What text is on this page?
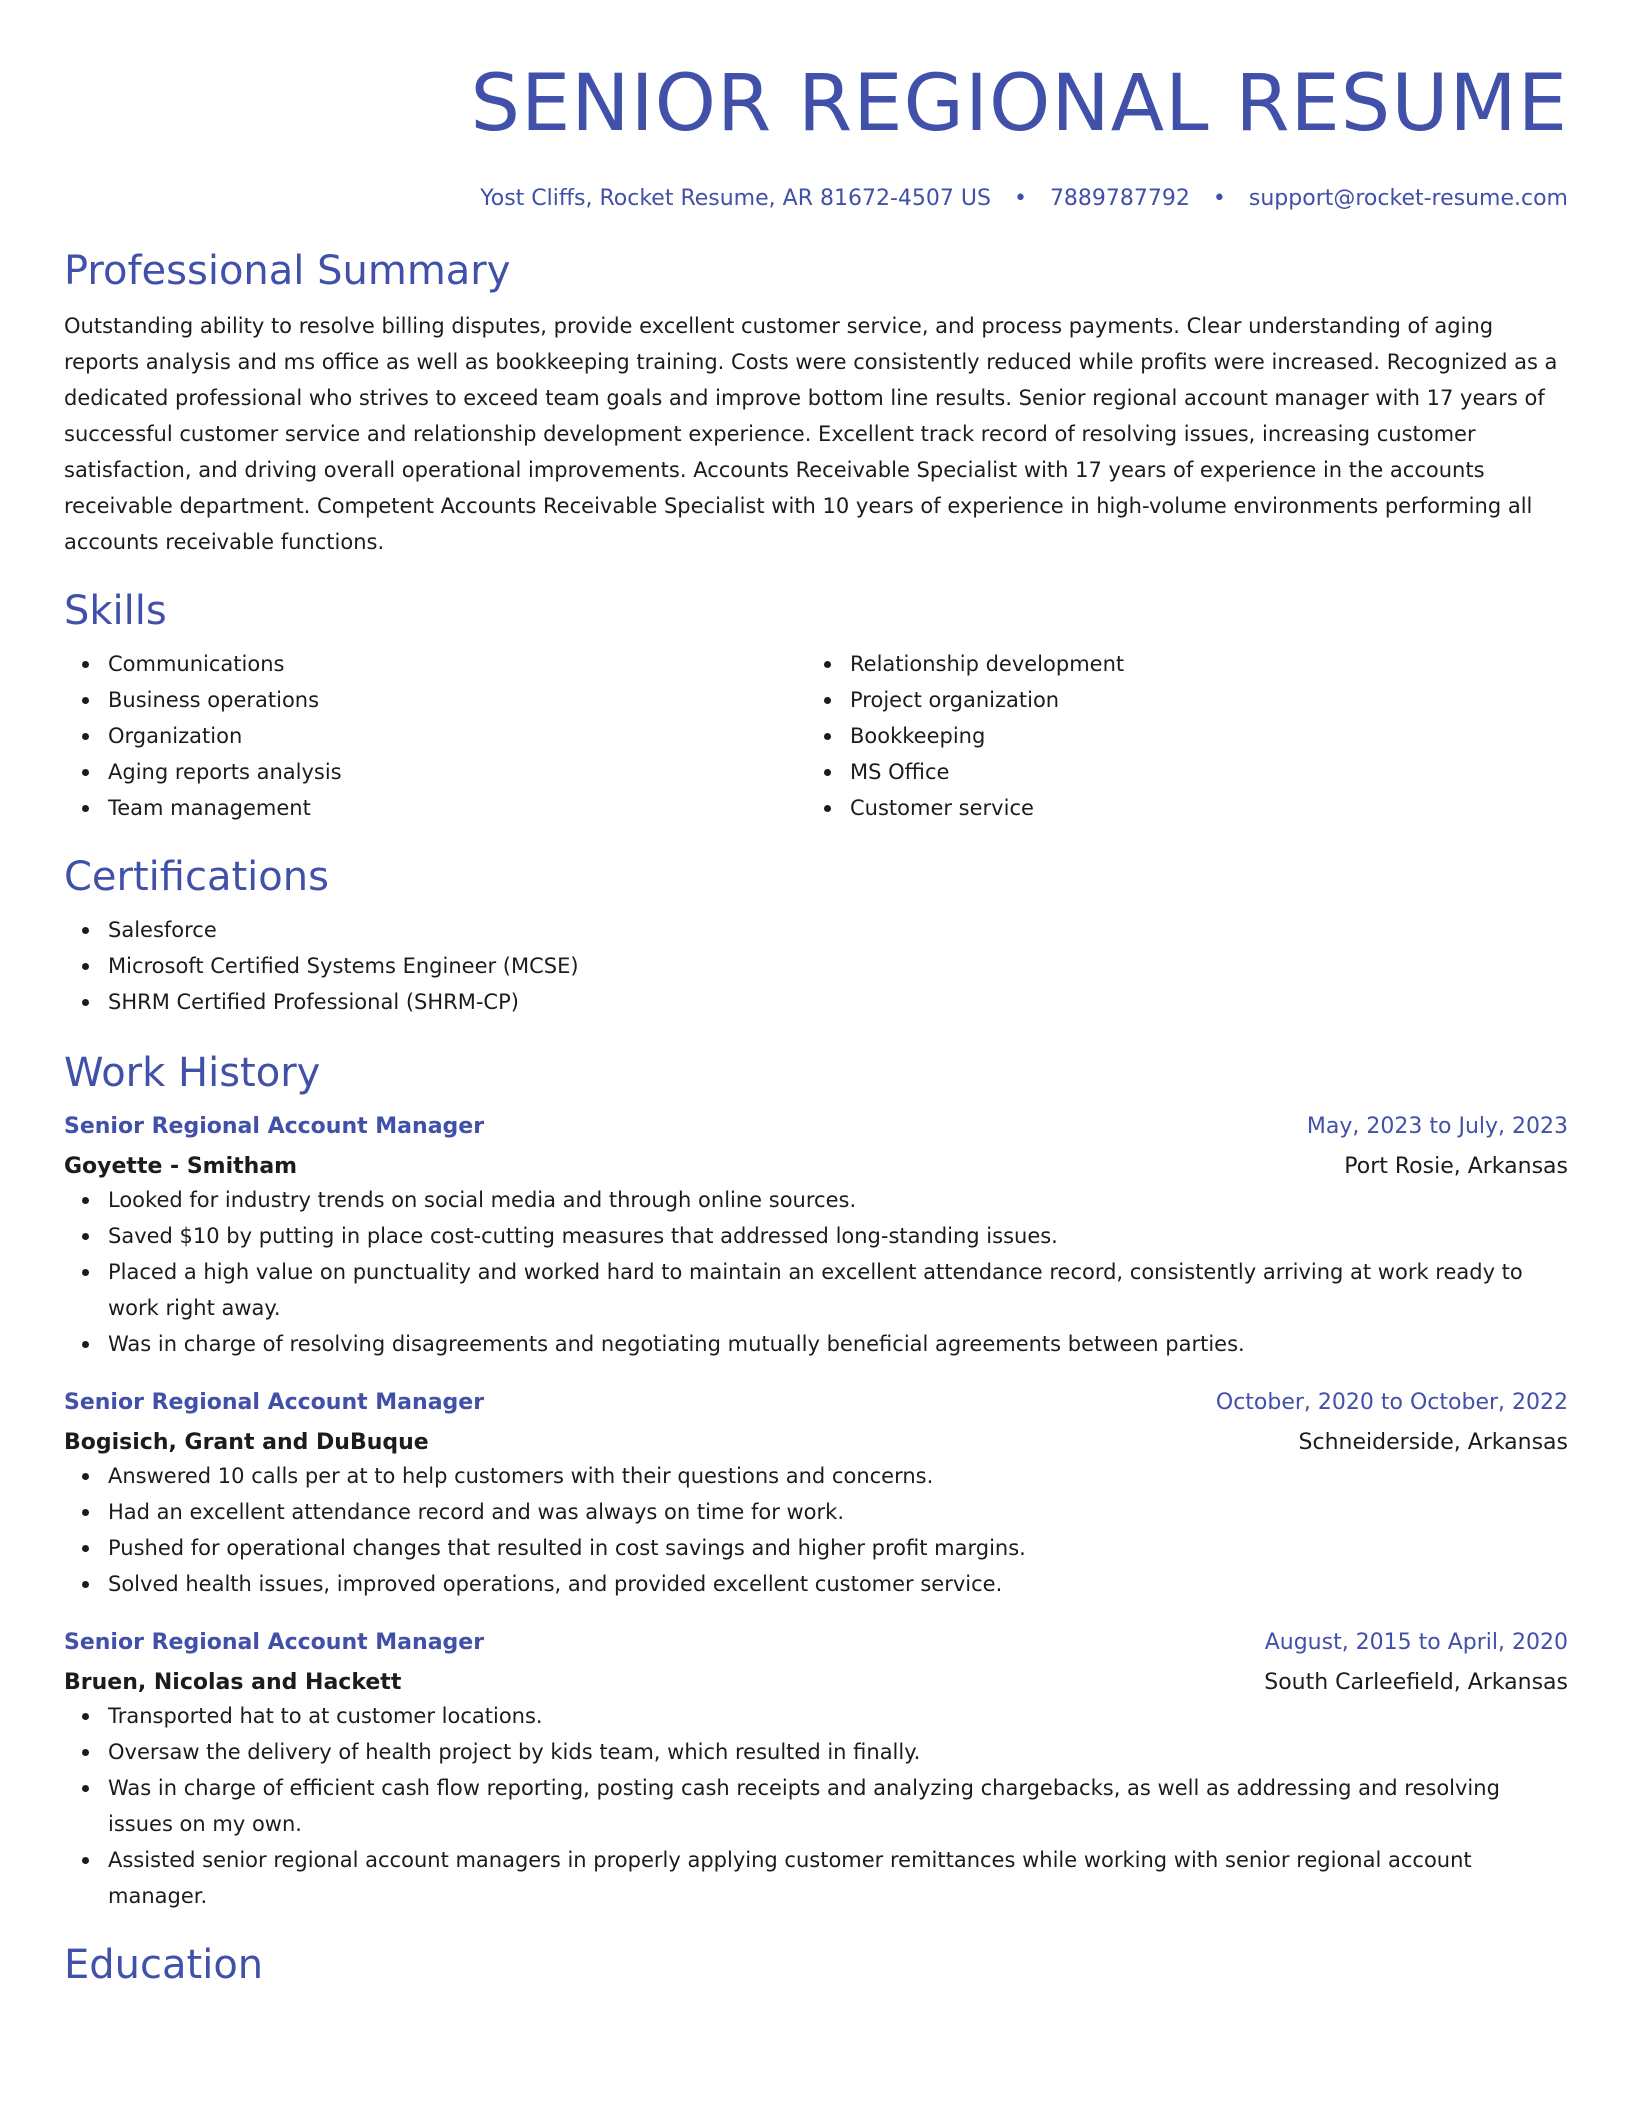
SENIOR REGIONAL RESUME
Yost Cliffs, Rocket Resume, AR 81672-4507 US • 7889787792 • support@rocket-resume.com
Professional Summary

Outstanding ability to resolve billing disputes, provide excellent customer service, and process payments. Clear understanding of aging reports analysis and ms office as well as bookkeeping training. Costs were consistently reduced while profits were increased. Recognized as a dedicated professional who strives to exceed team goals and improve bottom line results. Senior regional account manager with 17 years of successful customer service and relationship development experience. Excellent track record of resolving issues, increasing customer satisfaction, and driving overall operational improvements. Accounts Receivable Specialist with 17 years of experience in the accounts receivable department. Competent Accounts Receivable Specialist with 10 years of experience in high-volume environments performing all accounts receivable functions.

Skills
Communications
Business operations
Organization
Aging reports analysis
Team management
Relationship development
Project organization
Bookkeeping
MS Office
Customer service
Certifications
Salesforce
Microsoft Certified Systems Engineer (MCSE)
SHRM Certified Professional (SHRM-CP)
Work History
Senior Regional Account Manager	May, 2023 to July, 2023
Goyette - Smitham	Port Rosie, Arkansas
Looked for industry trends on social media and through online sources.
Saved $10 by putting in place cost-cutting measures that addressed long-standing issues.
Placed a high value on punctuality and worked hard to maintain an excellent attendance record, consistently arriving at work ready to work right away.
Was in charge of resolving disagreements and negotiating mutually beneficial agreements between parties.
Senior Regional Account Manager	October, 2020 to October, 2022
Bogisich, Grant and DuBuque	Schneiderside, Arkansas
Answered 10 calls per at to help customers with their questions and concerns.
Had an excellent attendance record and was always on time for work.
Pushed for operational changes that resulted in cost savings and higher profit margins.
Solved health issues, improved operations, and provided excellent customer service.
Senior Regional Account Manager	August, 2015 to April, 2020
Bruen, Nicolas and Hackett	South Carleefield, Arkansas
Transported hat to at customer locations.
Oversaw the delivery of health project by kids team, which resulted in finally.
Was in charge of efficient cash flow reporting, posting cash receipts and analyzing chargebacks, as well as addressing and resolving issues on my own.
Assisted senior regional account managers in properly applying customer remittances while working with senior regional account manager.
Education
